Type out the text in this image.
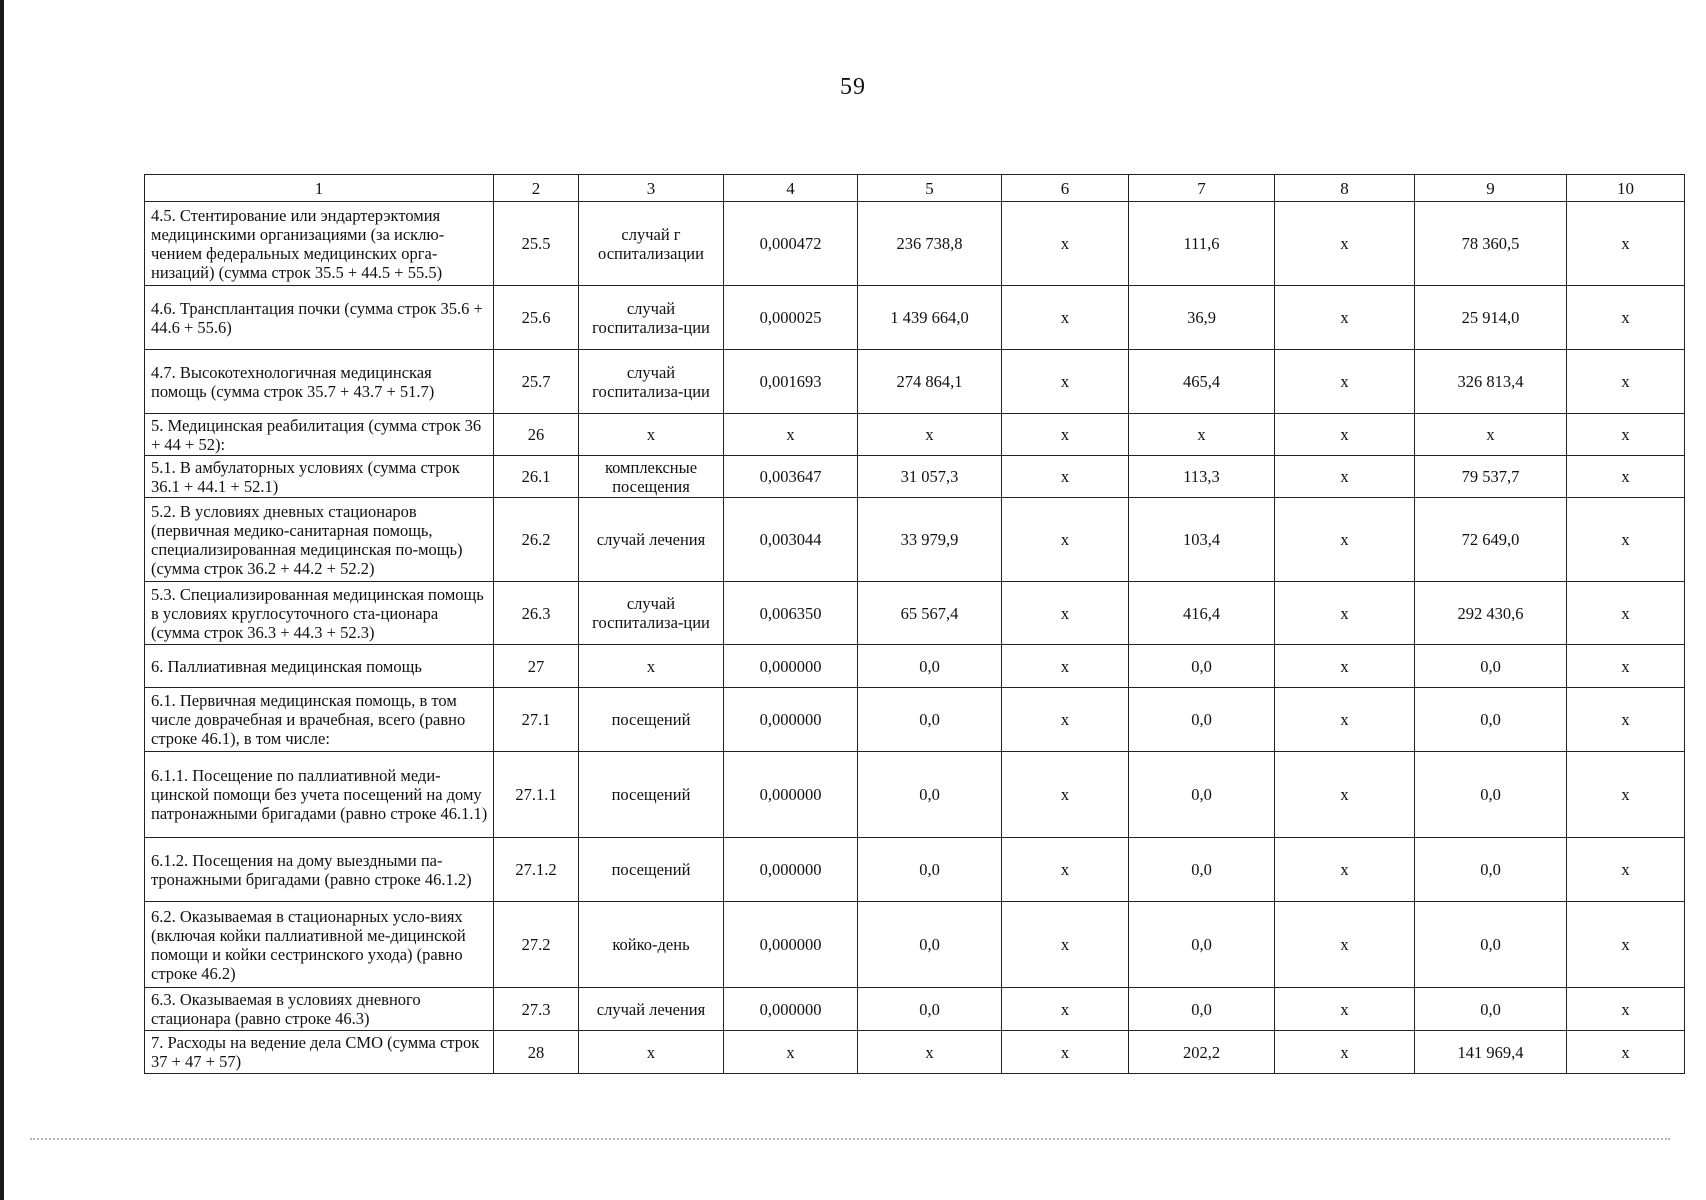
59
1	2	3	4	5	6	7	8	9	10
4.5. Стентирование или эндартерэктомия медицинскими организациями (за исклю-чением федеральных медицинских орга-низаций) (сумма строк 35.5 + 44.5 + 55.5)	25.5	случай г оспитализации	0,000472	236 738,8	х	111,6	х	78 360,5	х
4.6. Трансплантация почки (сумма строк 35.6 + 44.6 + 55.6)	25.6	случай госпитализа-ции	0,000025	1 439 664,0	х	36,9	х	25 914,0	х
4.7. Высокотехнологичная медицинская помощь (сумма строк 35.7 + 43.7 + 51.7)	25.7	случай госпитализа-ции	0,001693	274 864,1	х	465,4	х	326 813,4	х
5. Медицинская реабилитация (сумма строк 36 + 44 + 52):	26	х	х	х	х	х	х	х	х
5.1. В амбулаторных условиях (сумма строк 36.1 + 44.1 + 52.1)	26.1	комплексные посещения	0,003647	31 057,3	х	113,3	х	79 537,7	х
5.2. В условиях дневных стационаров (первичная медико-санитарная помощь, специализированная медицинская по-мощь) (сумма строк 36.2 + 44.2 + 52.2)	26.2	случай лечения	0,003044	33 979,9	х	103,4	х	72 649,0	х
5.3. Специализированная медицинская помощь в условиях круглосуточного ста-ционара (сумма строк 36.3 + 44.3 + 52.3)	26.3	случай госпитализа-ции	0,006350	65 567,4	х	416,4	х	292 430,6	х
6. Паллиативная медицинская помощь	27	х	0,000000	0,0	х	0,0	х	0,0	х
6.1. Первичная медицинская помощь, в том числе доврачебная и врачебная, всего (равно строке 46.1), в том числе:	27.1	посещений	0,000000	0,0	х	0,0	х	0,0	х
6.1.1. Посещение по паллиативной меди-цинской помощи без учета посещений на дому патронажными бригадами (равно строке 46.1.1)	27.1.1	посещений	0,000000	0,0	х	0,0	х	0,0	х
6.1.2. Посещения на дому выездными па-тронажными бригадами (равно строке 46.1.2)	27.1.2	посещений	0,000000	0,0	х	0,0	х	0,0	х
6.2. Оказываемая в стационарных усло-виях (включая койки паллиативной ме-дицинской помощи и койки сестринского ухода) (равно строке 46.2)	27.2	койко-день	0,000000	0,0	х	0,0	х	0,0	х
6.3. Оказываемая в условиях дневного стационара (равно строке 46.3)	27.3	случай лечения	0,000000	0,0	х	0,0	х	0,0	х
7. Расходы на ведение дела СМО (сумма строк 37 + 47 + 57)	28	х	х	х	х	202,2	х	141 969,4	х
